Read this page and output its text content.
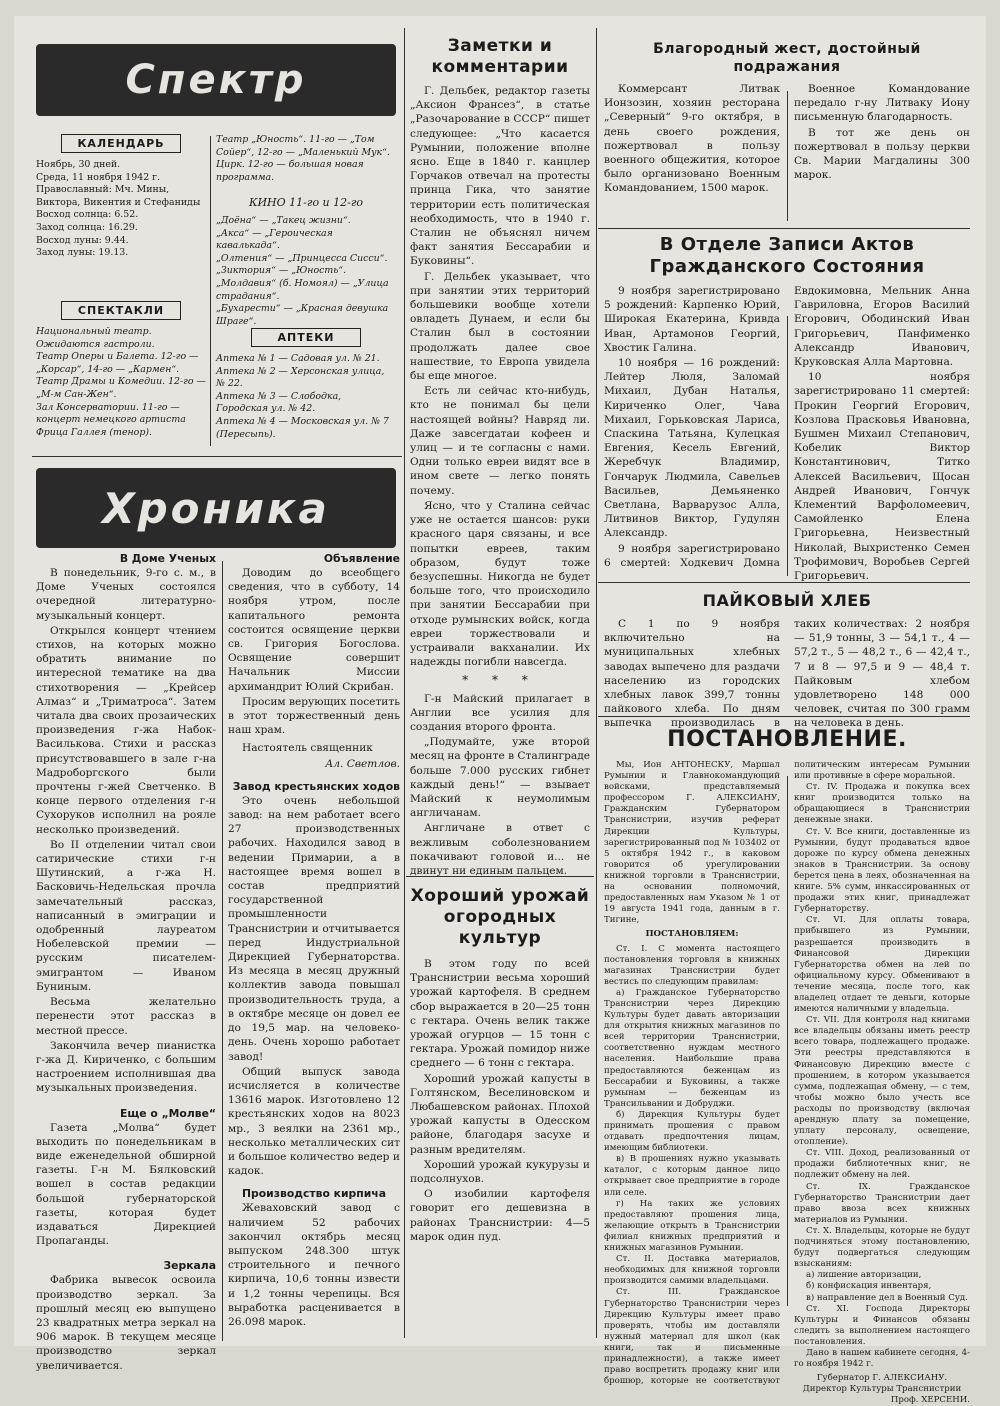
Спектр
КАЛЕНДАРЬ
Ноябрь, 30 дней.
Среда, 11 ноября 1942 г.
Православный: Мч. Мины, Виктора, Викентия и Стефаниды
Восход солнца: 6.52.
Заход солнца: 16.29.
Восход луны: 9.44.
Заход луны: 19.13.
Театр „Юность“. 11-го — „Том Сойер“, 12-го — „Маленький Мук“.
Цирк. 12-го — большая новая программа.
КИНО 11-го и 12-го
„Доёна“ — „Такец жизни“.
„Акса“ — „Героическая кавалькада“.
„Олтения“ — „Принцесса Сисси“.
„Зиктория“ — „Юность“.
„Молдавия“ (б. Номоял) — „Улица страдания“.
„Бухарести“ — „Красная девушка Шраге“.
СПЕКТАКЛИ
Национальный театр. Ожидаются гастроли.
Театр Оперы и Балета. 12-го — „Корсар“, 14-го — „Кармен“.
Театр Драмы и Комедии. 12-го — „М-м Сан-Жен“.
Зал Консерватории. 11-го — концерт немецкого артиста Фрица Галлея (тенор).
АПТЕКИ
Аптека № 1 — Садовая ул. № 21.
Аптека № 2 — Херсонская улица, № 22.
Аптека № 3 — Слободка, Городская ул. № 42.
Аптека № 4 — Московская ул. № 7 (Пересыпь).
Хроника
В Доме Ученых

В понедельник, 9-го с. м., в Доме Ученых состоялся очередной литературно-музыкальный концерт.

Открылся концерт чтением стихов, на которых можно обратить внимание по интересной тематике на два стихотворения — „Крейсер Алмаз“ и „Триматроса“. Затем читала два своих прозаических произведения г-жа Набок-Васильковa. Стихи и рассказ присутствовавшего в зале г-на Мадроборгского были прочтены г-жей Светченко. В конце первого отделения г-н Сухоруков исполнил на рояле несколько произведений.

Во II отделении читал свои сатирические стихи г-н Шутинский, а г-жа Н. Басковичь-Недельская прочла замечательный рассказ, написанный в эмиграции и одобренный лауреатом Нобелевской премии — русским писателем-эмигрантом — Иваном Буниным.

Весьма желательно перенести этот рассказ в местной прессе.

Закончила вечер пианистка г-жа Д. Кириченко, с большим настроением исполнившая два музыкальных произведения.

Еще о „Молве“

Газета „Молва“ будет выходить по понедельникам в виде еженедельной обширной газеты. Г-н М. Бялковский вошел в состав редакции большой губернаторской газеты, которая будет издаваться Дирекцией Пропаганды.

Зеркала

Фабрика вывесок освоила производство зеркал. За прошлый месяц ею выпущено 23 квадратных метра зеркал на 906 марок. В текущем месяце производство зеркал увеличивается.

Объявление

Доводим до всеобщего сведения, что в субботу, 14 ноября утром, после капитального ремонта состоится освящение церкви св. Григория Богослова. Освящение совершит Начальник Миссии архимандрит Юлий Скрибан.

Просим верующих посетить в этот торжественный день наш храм.

Настоятель священник

Ал. Светлов.
Завод крестьянских ходов

Это очень небольшой завод: на нем работает всего 27 производственных рабочих. Находился завод в ведении Примарии, а в настоящее время вошел в состав предприятий государственной промышленности Транснистрии и отчитывается перед Индустриальной Дирекцией Губернаторства. Из месяца в месяц дружный коллектив завода повышал производительность труда, а в октябре месяце он довел ее до 19,5 мар. на человеко-день. Очень хорошо работает завод!

Общий выпуск завода исчисляется в количестве 13616 марок. Изготовлено 12 крестьянских ходов на 8023 мр., 3 веялки на 2361 мр., несколько металлических сит и большое количество ведер и кадок.

Производство кирпича

Жеваховский завод с наличием 52 рабочих закончил октябрь месяц выпуском 248.300 штук строительного и печного кирпича, 10,6 тонны извести и 1,2 тонны черепицы. Вся выработка расценивается в 26.098 марок.

Заметки и комментарии

Г. Дельбек, редактор газеты „Аксион Франсез“, в статье „Разочарование в СССР“ пишет следующее: „Что касается Румынии, положение вполне ясно. Еще в 1840 г. канцлер Горчаков отвечал на протесты принца Гика, что занятие территории есть политическая необходимость, что в 1940 г. Сталин не объяснял ничем факт занятия Бессарабии и Буковины“.

Г. Дельбек указывает, что при занятии этих территорий большевики вообще хотели овладеть Дунаем, и если бы Сталин был в состоянии продолжать далее свое нашествие, то Европа увидела бы еще многое.

Есть ли сейчас кто-нибудь, кто не понимал бы цели настоящей войны? Навряд ли. Даже завсегдатаи кофеен и улиц — и те согласны с нами. Одни только евреи видят все в ином свете — легко понять почему.

Ясно, что у Сталина сейчас уже не остается шансов: руки красного царя связаны, и все попытки евреев, таким образом, будут тоже безуспешны. Никогда не будет больше того, что происходило при занятии Бессарабии при отходе румынских войск, когда евреи торжествовали и устраивали вакханалии. Их надежды погибли навсегда.

* * *

Г-н Майский прилагает в Англии все усилия для создания второго фронта.

„Подумайте, уже второй месяц на фронте в Сталинграде больше 7.000 русских гибнет каждый день!“ — взывает Майский к неумолимым англичанам.

Англичане в ответ с вежливым соболезнованием покачивают головой и... не двинут ни единым пальцем.

Хороший урожай огородных культур

В этом году по всей Транснистрии весьма хороший урожай картофеля. В среднем сбор выражается в 20—25 тонн с гектара. Очень велик также урожай огурцов — 15 тонн с гектара. Урожай помидор ниже среднего — 6 тонн с гектара.

Хороший урожай капусты в Голтянском, Веселиновском и Любашевском районах. Плохой урожай капусты в Одесском районе, благодаря засухе и разным вредителям.

Хороший урожай кукурузы и подсолнухов.

О изобилии картофеля говорит его дешевизна в районах Транснистрии: 4—5 марок один пуд.

Благородный жест, достойный подражания

Коммерсант Литвак Ионзозин, хозяин ресторана „Северный“ 9-го октября, в день своего рождения, пожертвовал в пользу военного общежития, которое было организовано Военным Командованием, 1500 марок.

Военное Командование передало г-ну Литваку Иону письменную благодарность.

В тот же день он пожертвовал в пользу церкви Св. Марии Магдалины 300 марок.

В Отделе Записи Актов Гражданского Состояния

9 ноября зарегистрировано 5 рождений: Карпенко Юрий, Широкая Екатерина, Кривда Иван, Артамонов Георгий, Хвостик Галина.

10 ноября — 16 рождений: Лейтер Люля, Заломай Михаил, Дубан Наталья, Кириченко Олег, Чава Михаил, Горьковская Лариса, Спаскина Татьяна, Кулецкая Евгения, Кесель Евгений, Жеребчук Владимир, Гончарук Людмила, Савельев Васильев, Демьяненко Светлана, Варварузос Алла, Литвинов Виктор, Гудулян Александр.

9 ноября зарегистрировано 6 смертей: Ходкевич Домна Евдокимовна, Мельник Анна Гавриловна, Егоров Василий Егорович, Ободинский Иван Григорьевич, Панфименко Александр Иванович, Круковская Алла Мартовна.

10 ноября зарегистрировано 11 смертей: Прокин Георгий Егорович, Козлова Прасковья Ивановна, Бушмен Михаил Степанович, Кобелик Виктор Константинович, Титко Алексей Васильевич, Щосан Андрей Иванович, Гончук Клементий Варфоломеевич, Самойленко Елена Григорьевна, Неизвестный Николай, Выхристенко Семен Трофимович, Воробьев Сергей Григорьевич.

ПАЙКОВЫЙ ХЛЕБ

С 1 по 9 ноября включительно на муниципальных хлебных заводах выпечено для раздачи населению из городских хлебных лавок 399,7 тонны пайкового хлеба. По дням выпечка производилась в таких количествах: 2 ноября — 51,9 тонны, 3 — 54,1 т., 4 — 57,2 т., 5 — 48,2 т., 6 — 42,4 т., 7 и 8 — 97,5 и 9 — 48,4 т. Пайковым хлебом удовлетворено 148 000 человек, считая по 300 грамм на человека в день.

ПОСТАНОВЛЕНИЕ.

Мы, Ион АНТОНЕСКУ, Маршал Румынии и Главнокомандующий войсками, представляемый профессором Г. АЛЕКСИАНУ, Гражданским Губернатором Транснистрии, изучив реферат Дирекции Культуры, зарегистрированный под № 103402 от 5 октября 1942 г., в каковом говорится об урегулировании книжной торговли в Транснистрии, на основании полномочий, предоставленных нам Указом № 1 от 19 августа 1941 года, данным в г. Тигине,

ПОСТАНОВЛЯЕМ:

Ст. I. С момента настоящего постановления торговля в книжных магазинах Транснистрии будет вестись по следующим правилам:

а) Гражданское Губернаторство Транснистрии через Дирекцию Культуры будет давать авторизации для открытия книжных магазинов по всей территории Транснистрии, соответственно нуждам местного населения. Наибольшие права предоставляются беженцам из Бессарабии и Буковины, а также румынам — беженцам из Трансильвании и Добруджи.

б) Дирекция Культуры будет принимать прошения с правом отдавать предпочтения лицам, имеющим библиотеки.

в) В прошениях нужно указывать каталог, с которым данное лицо открывает свое предприятие в городе или селе.

г) На таких же условиях предоставляют прошения лица, желающие открыть в Транснистрии филиал книжных предприятий и книжных магазинов Румынии.

Ст. II. Доставка материалов, необходимых для книжной торговли производится самими владельцами.

Ст. III. Гражданское Губернаторство Транснистрии через Дирекцию Культуры имеет право проверять, чтобы им доставляли нужный материал для школ (как книги, так и письменные принадлежности), а также имеет право воспретить продажу книг или брошюр, которые не соответствуют политическим интересам Румынии или противные в сфере моральной.

Ст. IV. Продажа и покупка всех книг производится только на обращающиеся в Транснистрии денежные знаки.

Ст. V. Все книги, доставленные из Румынии, будут продаваться вдвое дороже по курсу обмена денежных знаков в Транснистрии. За основу берется цена в леях, обозначенная на книге. 5% сумм, инкассированных от продажи этих книг, принадлежат Губернаторству.

Ст. VI. Для оплаты товара, прибывшего из Румынии, разрешается производить в Финансовой Дирекции Губернаторства обмен на лей по официальному курсу. Обменивают в течение месяца, после того, как владелец отдает те деньги, которые имеются наличными у владельца.

Ст. VII. Для контроля над книгами все владельцы обязаны иметь реестр всего товара, подлежащего продаже. Эти реестры представляются в Финансовую Дирекцию вместе с прошением, в котором указывается сумма, подлежащая обмену, — с тем, чтобы можно было учесть все расходы по производству (включая арендную плату за помещение, уплату персоналу, освещение, отопление).

Ст. VIII. Доход, реализованный от продажи библиотечных книг, не подлежит обмену на лей.

Ст. IX. Гражданское Губернаторство Транснистрии дает право ввоза всех книжных материалов из Румынии.

Ст. X. Владельцы, которые не будут подчиняться этому постановлению, будут подвергаться следующим взысканиям:

а) лишение авторизации,

б) конфискация инвентаря,

в) направление дел в Военный Суд.

Ст. XI. Господа Директоры Культуры и Финансов обязаны следить за выполнением настоящего постановления.

Дано в нашем кабинете сегодня, 4-го ноября 1942 г.

Губернатор Г. АЛЕКСИАНУ.
Директор Культуры Транснистрии
Проф. ХЕРСЕНИ.
